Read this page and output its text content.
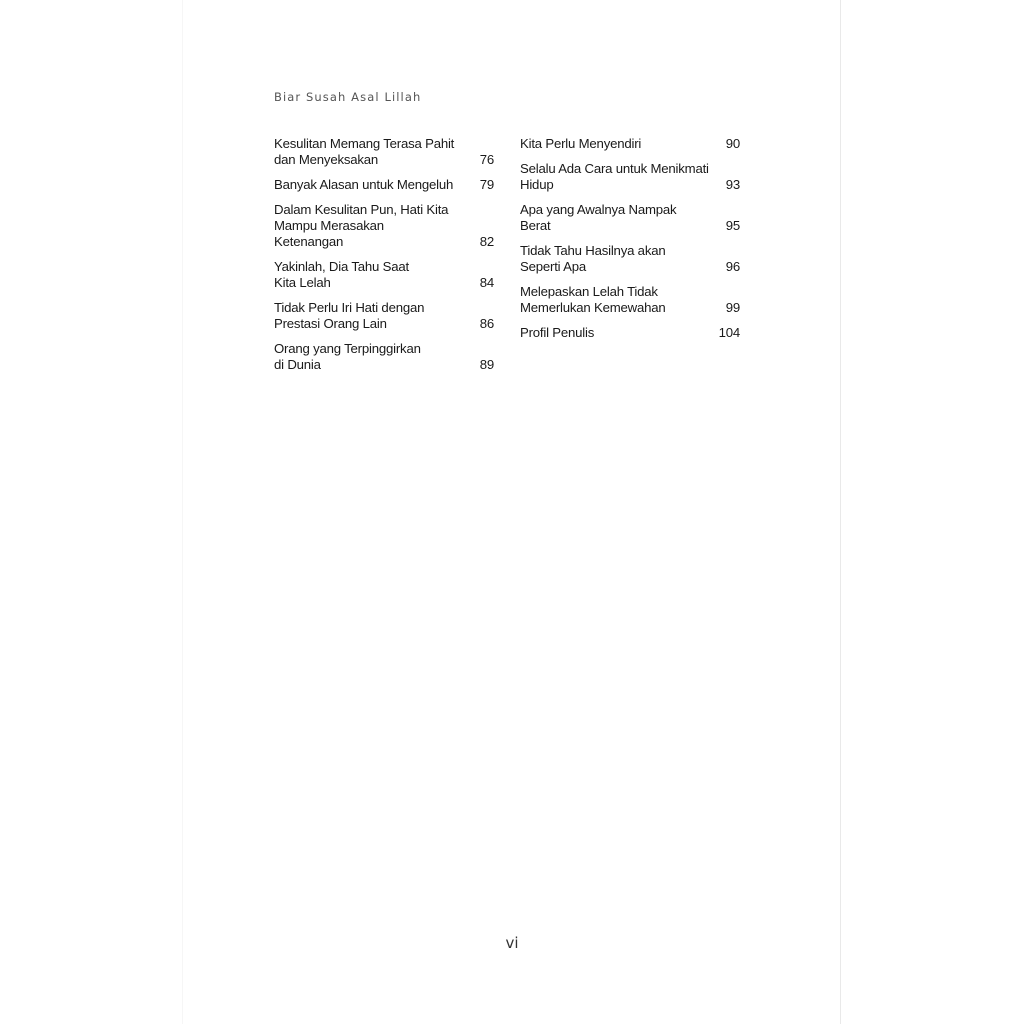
Biar Susah Asal Lillah
Kesulitan Memang Terasa Pahit
dan Menyeksakan	76
Banyak Alasan untuk Mengeluh	79
Dalam Kesulitan Pun, Hati Kita
Mampu Merasakan
Ketenangan	82
Yakinlah, Dia Tahu Saat
Kita Lelah	84
Tidak Perlu Iri Hati dengan
Prestasi Orang Lain	86
Orang yang Terpinggirkan
di Dunia	89
Kita Perlu Menyendiri	90
Selalu Ada Cara untuk Menikmati
Hidup	93
Apa yang Awalnya Nampak
Berat	95
Tidak Tahu Hasilnya akan
Seperti Apa	96
Melepaskan Lelah Tidak
Memerlukan Kemewahan	99
Profil Penulis	104
vi
